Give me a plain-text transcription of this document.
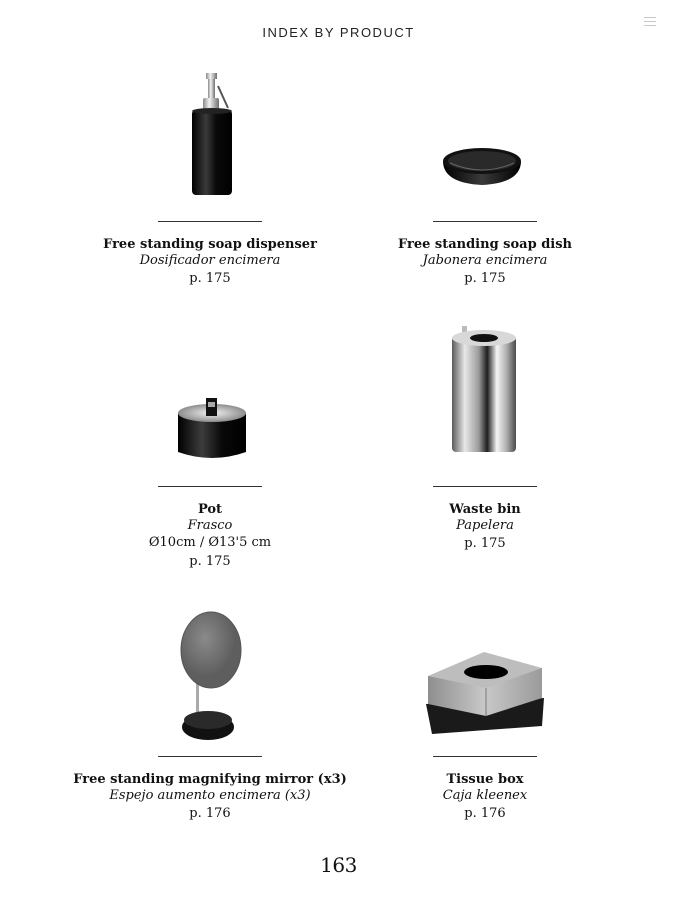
INDEX BY PRODUCT
Free standing soap dispenser
Dosificador encimera
p. 175
Free standing soap dish
Jabonera encimera
p. 175
Pot
Frasco
Ø10cm / Ø13'5 cm
p. 175
Waste bin
Papelera
p. 175
Free standing magnifying mirror (x3)
Espejo aumento encimera (x3)
p. 176
Tissue box
Caja kleenex
p. 176
163
